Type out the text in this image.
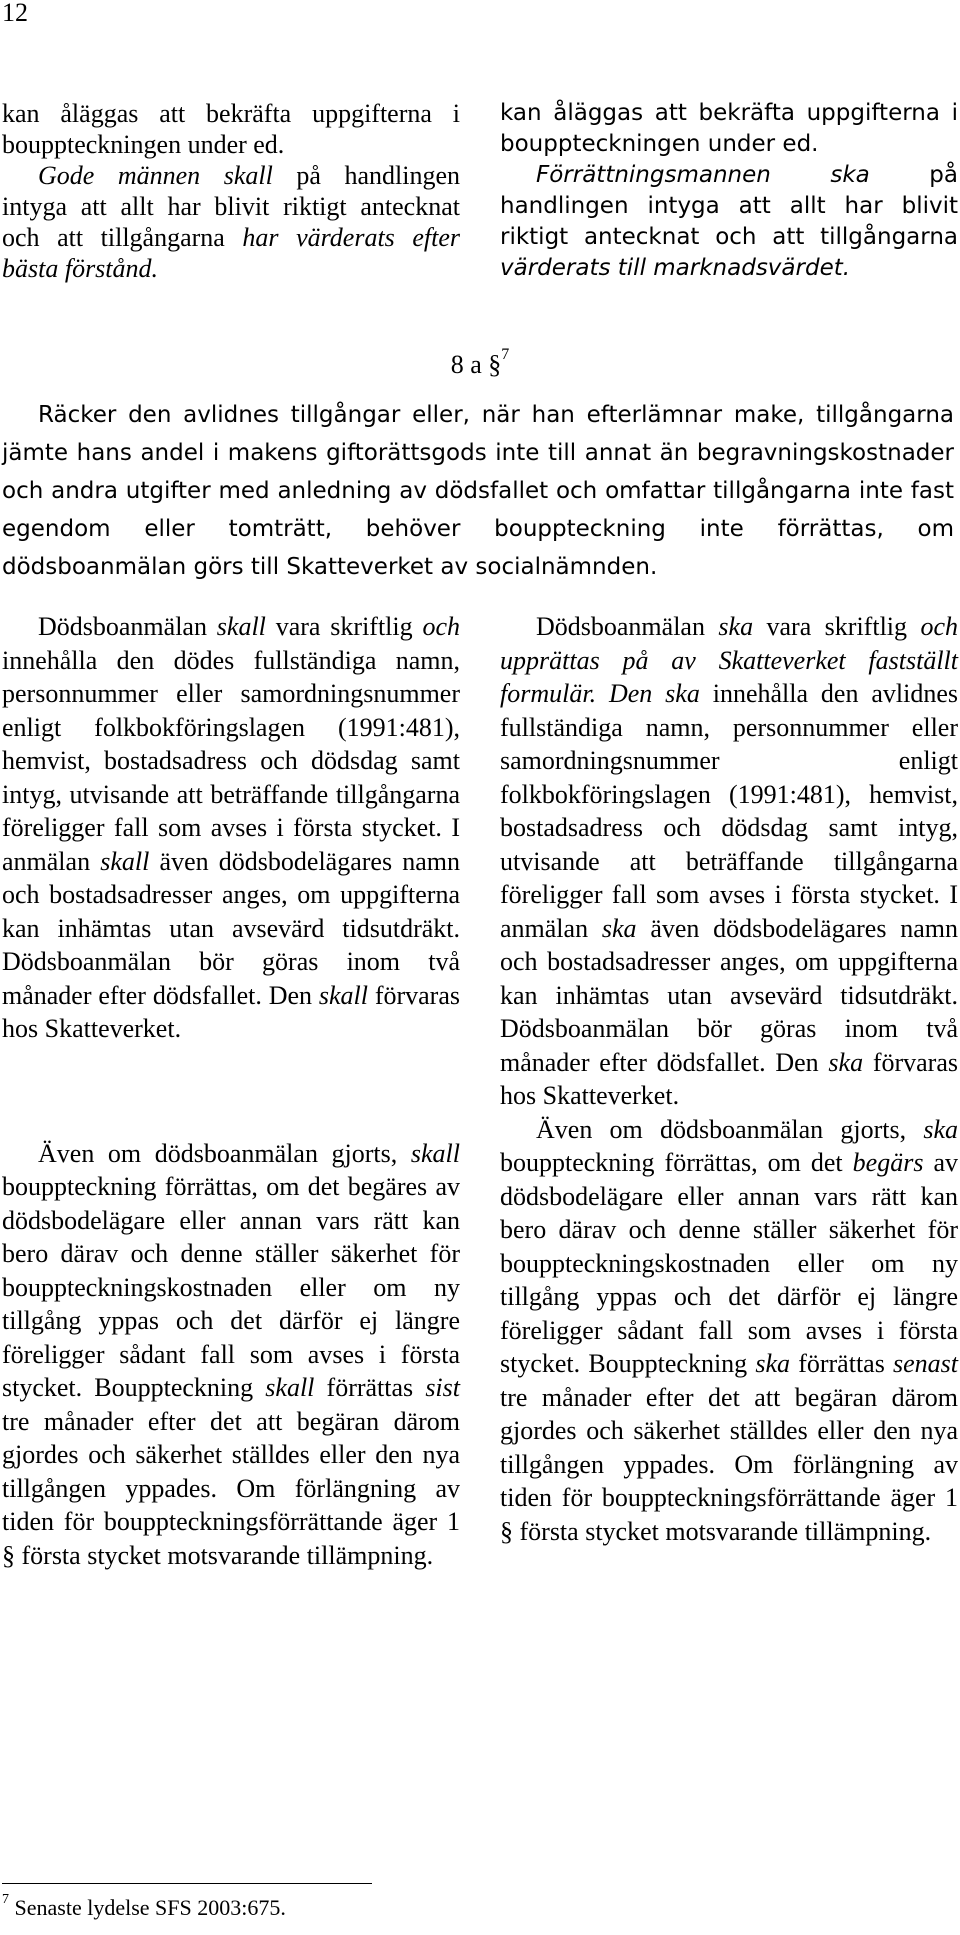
12

kan åläggas att bekräfta uppgifterna i bouppteckningen under ed.

Gode männen skall på handlingen intyga att allt har blivit riktigt antecknat och att tillgångarna har värderats efter bästa förstånd.

kan åläggas att bekräfta uppgifterna i bouppteckningen under ed.

Förrättningsmannen ska på handlingen intyga att allt har blivit riktigt antecknat och att tillgångarna värderats till marknadsvärdet.

8 a §$^7$
Räcker den avlidnes tillgångar eller, när han efterlämnar make, tillgångarna jämte hans andel i makens giftorättsgods inte till annat än begravningskostnader och andra utgifter med anledning av dödsfallet och omfattar tillgångarna inte fast egendom eller tomträtt, behöver bouppteckning inte förrättas, om dödsboanmälan görs till Skatteverket av socialnämnden.

Dödsboanmälan skall vara skriftlig och innehålla den dödes fullständiga namn, personnummer eller samordningsnummer enligt folkbokföringslagen (1991:481), hemvist, bostadsadress och dödsdag samt intyg, utvisande att beträffande tillgångarna föreligger fall som avses i första stycket. I anmälan skall även dödsbodelägares namn och bostadsadresser anges, om uppgifterna kan inhämtas utan avsevärd tidsutdräkt. Dödsboanmälan bör göras inom två månader efter dödsfallet. Den skall förvaras hos Skatteverket.

Även om dödsboanmälan gjorts, skall bouppteckning förrättas, om det begäres av dödsbodelägare eller annan vars rätt kan bero därav och denne ställer säkerhet för bouppteckningskostnaden eller om ny tillgång yppas och det därför ej längre föreligger sådant fall som avses i första stycket. Bouppteckning skall förrättas sist tre månader efter det att begäran därom gjordes och säkerhet ställdes eller den nya tillgången yppades. Om förlängning av tiden för bouppteckningsförrättande äger 1 § första stycket motsvarande tillämpning.

Dödsboanmälan ska vara skriftlig och upprättas på av Skatteverket fastställt formulär. Den ska innehålla den avlidnes fullständiga namn, personnummer eller samordningsnummer enligt folkbokföringslagen (1991:481), hemvist, bostadsadress och dödsdag samt intyg, utvisande att beträffande tillgångarna föreligger fall som avses i första stycket. I anmälan ska även dödsbodelägares namn och bostadsadresser anges, om uppgifterna kan inhämtas utan avsevärd tidsutdräkt. Dödsboanmälan bör göras inom två månader efter dödsfallet. Den ska förvaras hos Skatteverket.

Även om dödsboanmälan gjorts, ska bouppteckning förrättas, om det begärs av dödsbodelägare eller annan vars rätt kan bero därav och denne ställer säkerhet för bouppteckningskostnaden eller om ny tillgång yppas och det därför ej längre föreligger sådant fall som avses i första stycket. Bouppteckning ska förrättas senast tre månader efter det att begäran därom gjordes och säkerhet ställdes eller den nya tillgången yppades. Om förlängning av tiden för bouppteckningsförrättande äger 1 § första stycket motsvarande tillämpning.

$^7$ Senaste lydelse SFS 2003:675.
